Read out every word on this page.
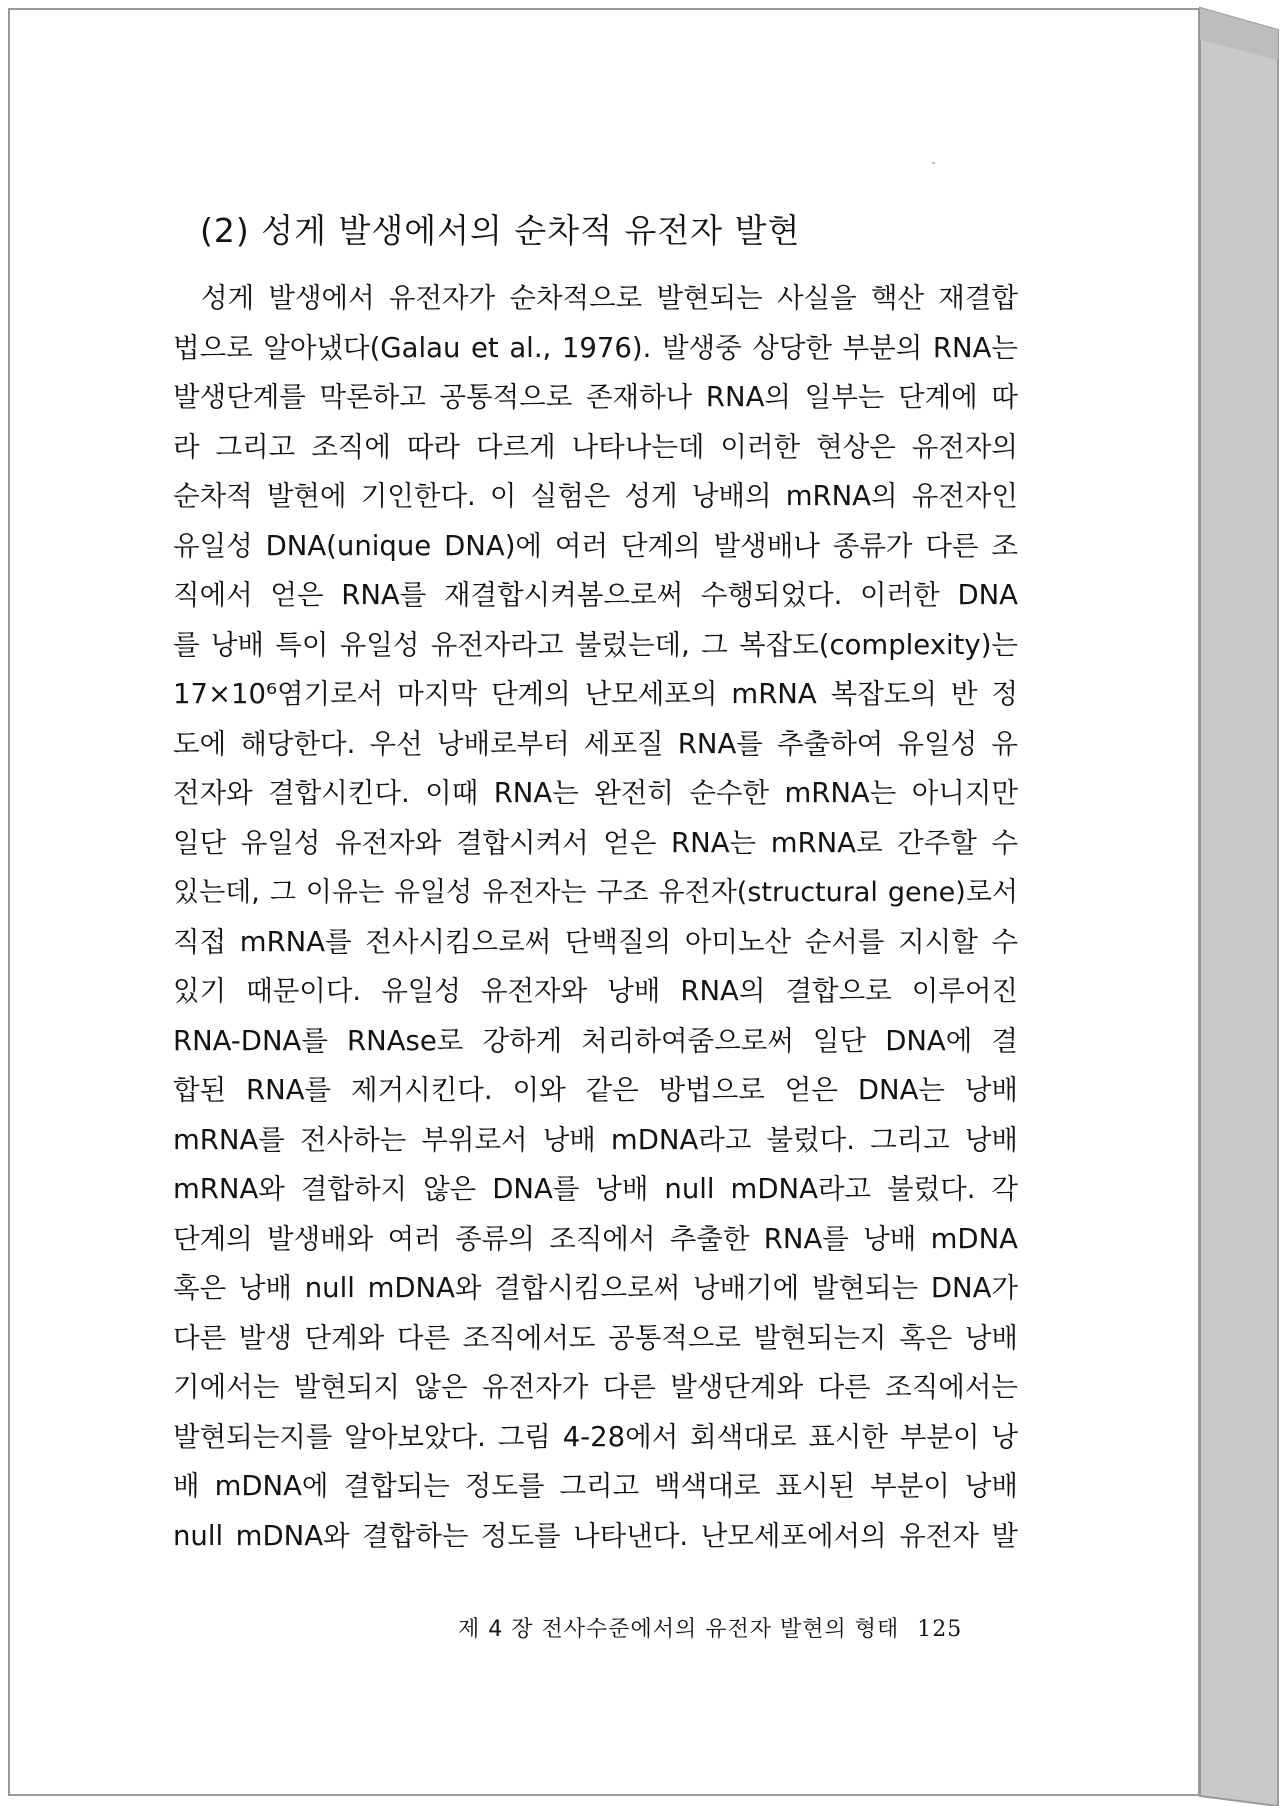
(2) 성게 발생에서의 순차적 유전자 발현
성게 발생에서 유전자가 순차적으로 발현되는 사실을 핵산 재결합
법으로 알아냈다(Galau et al., 1976). 발생중 상당한 부분의 RNA는
발생단계를 막론하고 공통적으로 존재하나 RNA의 일부는 단계에 따
라 그리고 조직에 따라 다르게 나타나는데 이러한 현상은 유전자의
순차적 발현에 기인한다. 이 실험은 성게 낭배의 mRNA의 유전자인
유일성 DNA(unique DNA)에 여러 단계의 발생배나 종류가 다른 조
직에서 얻은 RNA를 재결합시켜봄으로써 수행되었다. 이러한 DNA
를 낭배 특이 유일성 유전자라고 불렀는데, 그 복잡도(complexity)는
17×10⁶염기로서 마지막 단계의 난모세포의 mRNA 복잡도의 반 정
도에 해당한다. 우선 낭배로부터 세포질 RNA를 추출하여 유일성 유
전자와 결합시킨다. 이때 RNA는 완전히 순수한 mRNA는 아니지만
일단 유일성 유전자와 결합시켜서 얻은 RNA는 mRNA로 간주할 수
있는데, 그 이유는 유일성 유전자는 구조 유전자(structural gene)로서
직접 mRNA를 전사시킴으로써 단백질의 아미노산 순서를 지시할 수
있기 때문이다. 유일성 유전자와 낭배 RNA의 결합으로 이루어진
RNA-DNA를 RNAse로 강하게 처리하여줌으로써 일단 DNA에 결
합된 RNA를 제거시킨다. 이와 같은 방법으로 얻은 DNA는 낭배
mRNA를 전사하는 부위로서 낭배 mDNA라고 불렀다. 그리고 낭배
mRNA와 결합하지 않은 DNA를 낭배 null mDNA라고 불렀다. 각
단계의 발생배와 여러 종류의 조직에서 추출한 RNA를 낭배 mDNA
혹은 낭배 null mDNA와 결합시킴으로써 낭배기에 발현되는 DNA가
다른 발생 단계와 다른 조직에서도 공통적으로 발현되는지 혹은 낭배
기에서는 발현되지 않은 유전자가 다른 발생단계와 다른 조직에서는
발현되는지를 알아보았다. 그림 4-28에서 회색대로 표시한 부분이 낭
배 mDNA에 결합되는 정도를 그리고 백색대로 표시된 부분이 낭배
null mDNA와 결합하는 정도를 나타낸다. 난모세포에서의 유전자 발
제 4 장 전사수준에서의 유전자 발현의 형태 125
